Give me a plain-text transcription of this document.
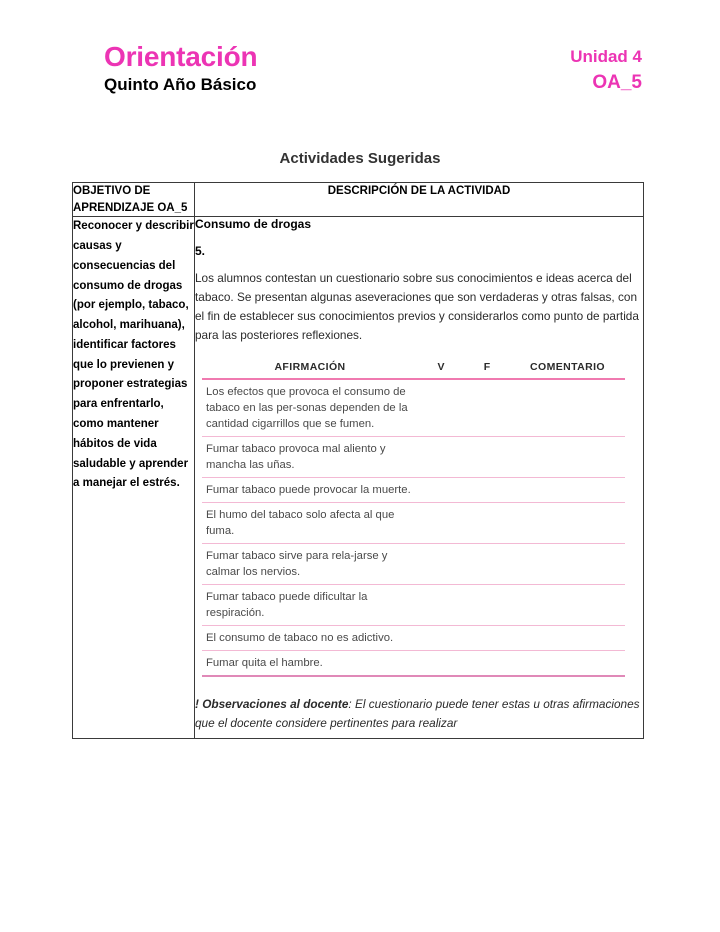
Orientación
Quinto Año Básico
Unidad 4
OA_5
Actividades Sugeridas
OBJETIVO DE APRENDIZAJE OA_5	DESCRIPCIÓN DE LA ACTIVIDAD
Reconocer y describir causas y consecuencias del consumo de drogas (por ejemplo, tabaco, alcohol, marihuana), identificar factores que lo previenen y proponer estrategias para enfrentarlo, como mantener hábitos de vida saludable y aprender a manejar el estrés.	
Consumo de drogas
5.
Los alumnos contestan un cuestionario sobre sus conocimientos e ideas acerca del tabaco. Se presentan algunas aseveraciones que son verdaderas y otras falsas, con el fin de establecer sus conocimientos previos y considerarlos como punto de partida para las posteriores reflexiones.
AFIRMACIÓN	V	F	COMENTARIO
Los efectos que provoca el consumo de tabaco en las per-​sonas dependen de la cantidad cigarrillos que se fumen.
Fumar tabaco provoca mal aliento y mancha las uñas.
Fumar tabaco puede provocar la muerte.
El humo del tabaco solo afecta al que fuma.
Fumar tabaco sirve para rela-​jarse y calmar los nervios.
Fumar tabaco puede dificultar la respiración.
El consumo de tabaco no es adictivo.
Fumar quita el hambre.
! Observaciones al docente: El cuestionario puede tener estas u otras afirmaciones que el docente considere pertinentes para realizar
